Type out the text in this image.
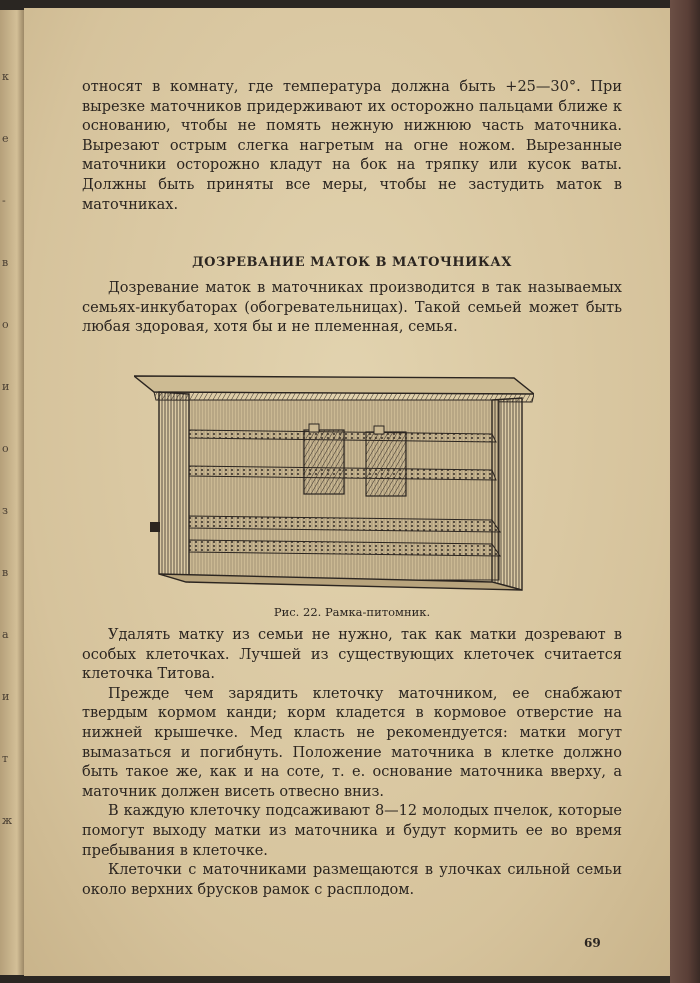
к
е
-
в
о
и
о
з
в
а
и
т
ж

относят в комнату, где температура должна быть +25—30°. При вырезке маточников придерживают их осторожно пальцами ближе к основанию, чтобы не помять нежную нижнюю часть маточника. Вырезают острым слегка нагретым на огне ножом. Вырезанные маточники осторожно кладут на бок на тряпку или кусок ваты. Должны быть приняты все меры, чтобы не застудить маток в маточниках.

ДОЗРЕВАНИЕ МАТОК В МАТОЧНИКАХ

Дозревание маток в маточниках производится в так называемых семьях-инкубаторах (обогревательницах). Такой семьей может быть любая здоровая, хотя бы и не племенная, семья.

Рис. 22. Рамка-питомник.

Удалять матку из семьи не нужно, так как матки дозревают в особых клеточках. Лучшей из существующих клеточек считается клеточка Титова.

Прежде чем зарядить клеточку маточником, ее снабжают твердым кормом канди; корм кладется в кормовое отверстие на нижней крышечке. Мед класть не рекомендуется: матки могут вымазаться и погибнуть. Положение маточника в клетке должно быть такое же, как и на соте, т. е. основание маточника вверху, а маточник должен висеть отвесно вниз.

В каждую клеточку подсаживают 8—12 молодых пчелок, которые помогут выходу матки из маточника и будут кормить ее во время пребывания в клеточке.

Клеточки с маточниками размещаются в улочках сильной семьи около верхних брусков рамок с расплодом.

69
